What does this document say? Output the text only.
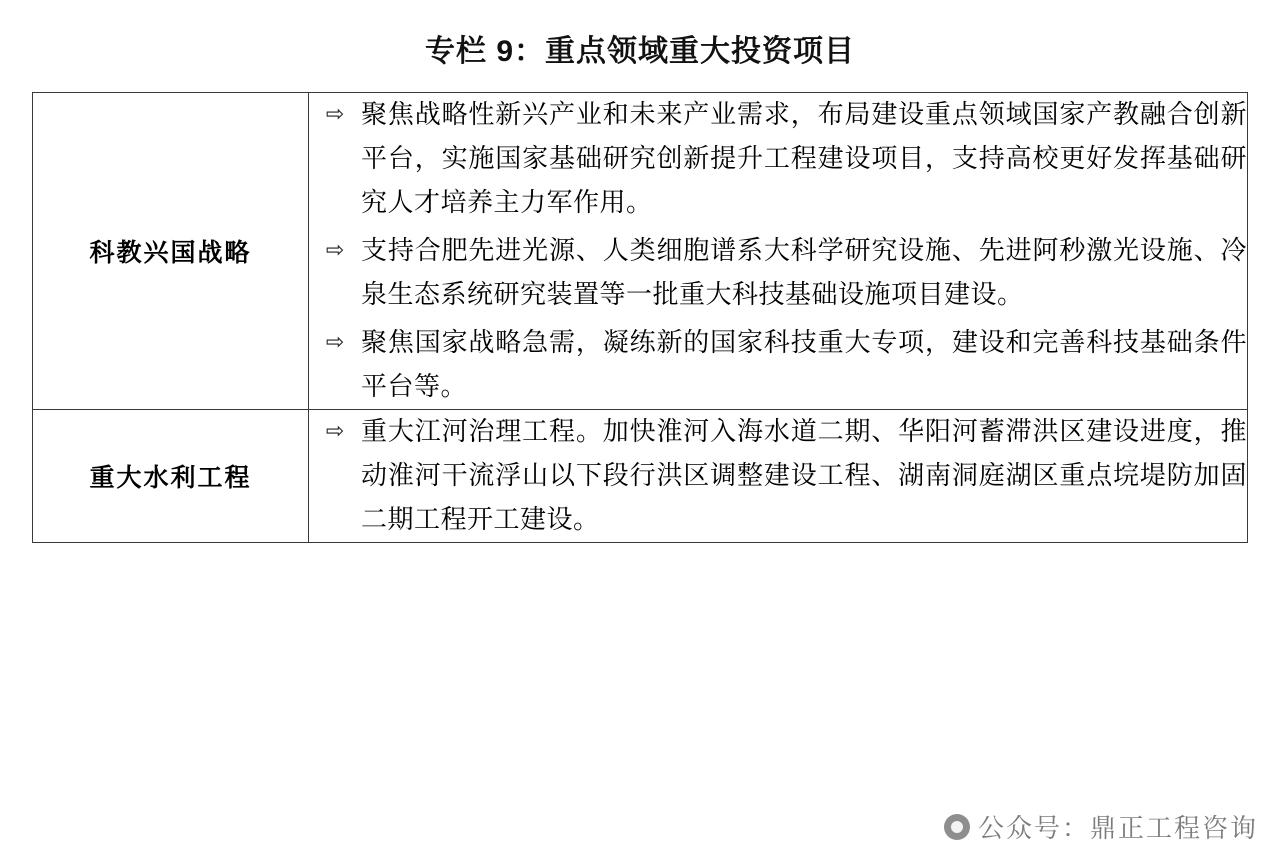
专栏 9：重点领域重大投资项目
科教兴国战略	
⇨ 聚焦战略性新兴产业和未来产业需求，布局建设重点领域国家产教融合创新平台，实施国家基础研究创新提升工程建设项目，支持高校更好发挥基础研究人才培养主力军作用。
⇨ 支持合肥先进光源、人类细胞谱系大科学研究设施、先进阿秒激光设施、冷泉生态系统研究装置等一批重大科技基础设施项目建设。
⇨ 聚焦国家战略急需，凝练新的国家科技重大专项，建设和完善科技基础条件平台等。

重大水利工程	
⇨ 重大江河治理工程。加快淮河入海水道二期、华阳河蓄滞洪区建设进度，推动淮河干流浮山以下段行洪区调整建设工程、湖南洞庭湖区重点垸堤防加固二期工程开工建设。
公众号：鼎正工程咨询
